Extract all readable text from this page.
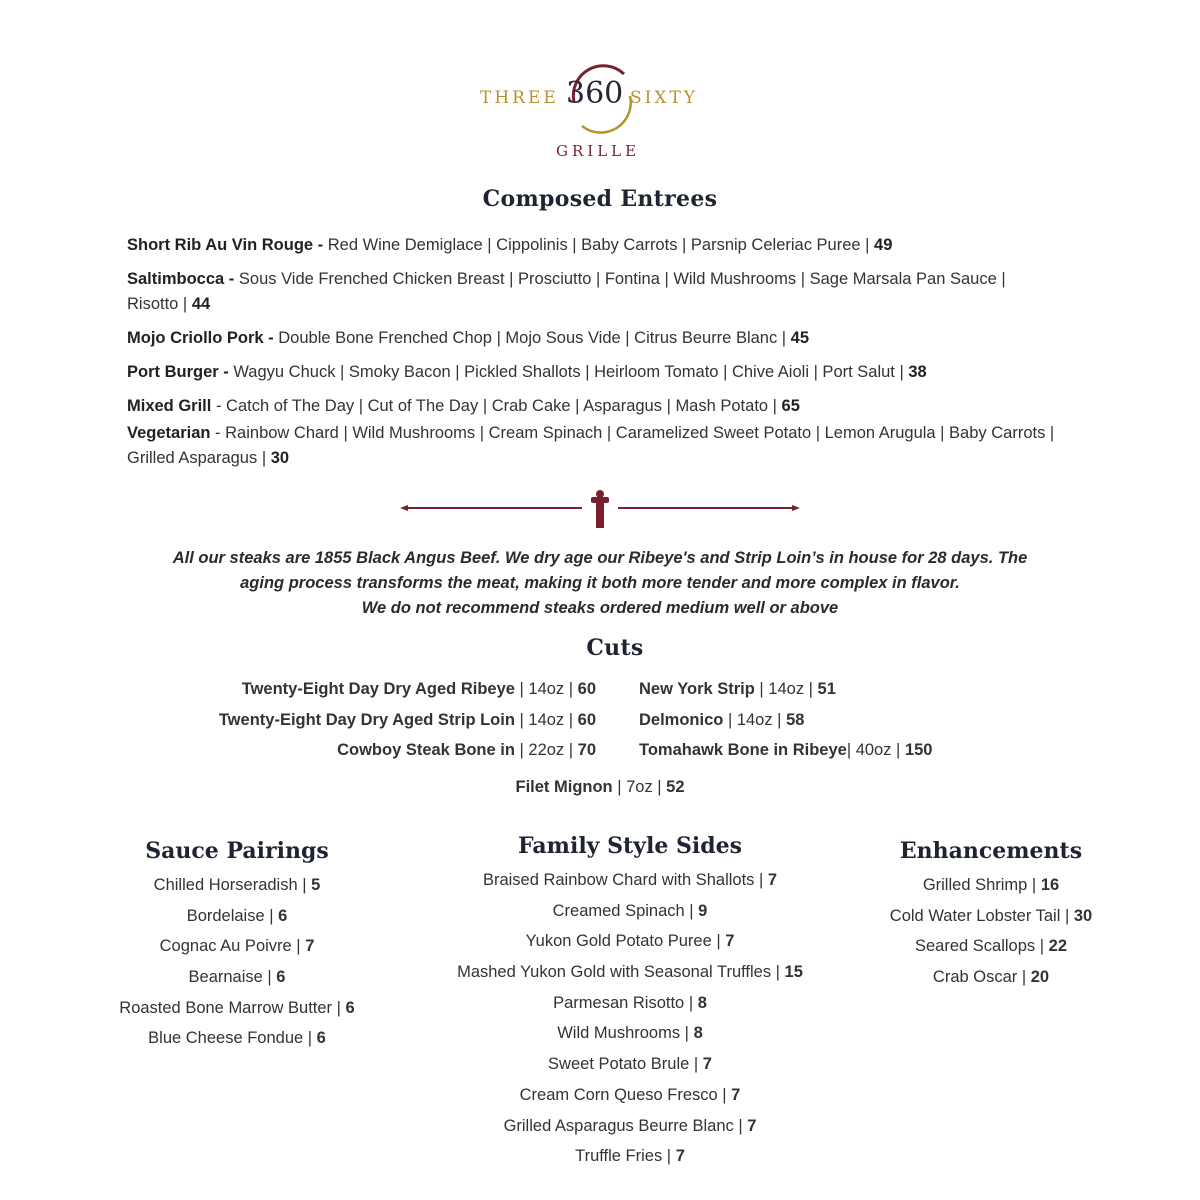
THREE 360 SIXTY
GRILLE
Composed Entrees
Short Rib Au Vin Rouge - Red Wine Demiglace | Cippolinis | Baby Carrots | Parsnip Celeriac Puree | 49
Saltimbocca - Sous Vide Frenched Chicken Breast | Prosciutto | Fontina | Wild Mushrooms | Sage Marsala Pan Sauce | Risotto | 44
Mojo Criollo Pork - Double Bone Frenched Chop | Mojo Sous Vide | Citrus Beurre Blanc | 45
Port Burger - Wagyu Chuck | Smoky Bacon | Pickled Shallots | Heirloom Tomato | Chive Aioli | Port Salut | 38
Mixed Grill - Catch of The Day | Cut of The Day | Crab Cake | Asparagus | Mash Potato | 65
Vegetarian - Rainbow Chard | Wild Mushrooms | Cream Spinach | Caramelized Sweet Potato | Lemon Arugula | Baby Carrots | Grilled Asparagus | 30
All our steaks are 1855 Black Angus Beef. We dry age our Ribeye's and Strip Loin’s in house for 28 days. The
aging process transforms the meat, making it both more tender and more complex in flavor.
We do not recommend steaks ordered medium well or above
Cuts
Twenty-Eight Day Dry Aged Ribeye | 14oz | 60
Twenty-Eight Day Dry Aged Strip Loin | 14oz | 60
Cowboy Steak Bone in | 22oz | 70
New York Strip | 14oz | 51
Delmonico | 14oz | 58
Tomahawk Bone in Ribeye| 40oz | 150
Filet Mignon | 7oz | 52
Sauce Pairings
Chilled Horseradish | 5
Bordelaise | 6
Cognac Au Poivre | 7
Bearnaise | 6
Roasted Bone Marrow Butter | 6
Blue Cheese Fondue | 6
Family Style Sides
Braised Rainbow Chard with Shallots | 7
Creamed Spinach | 9
Yukon Gold Potato Puree | 7
Mashed Yukon Gold with Seasonal Truffles | 15
Parmesan Risotto | 8
Wild Mushrooms | 8
Sweet Potato Brule | 7
Cream Corn Queso Fresco | 7
Grilled Asparagus Beurre Blanc | 7
Truffle Fries | 7
Enhancements
Grilled Shrimp | 16
Cold Water Lobster Tail | 30
Seared Scallops | 22
Crab Oscar | 20
